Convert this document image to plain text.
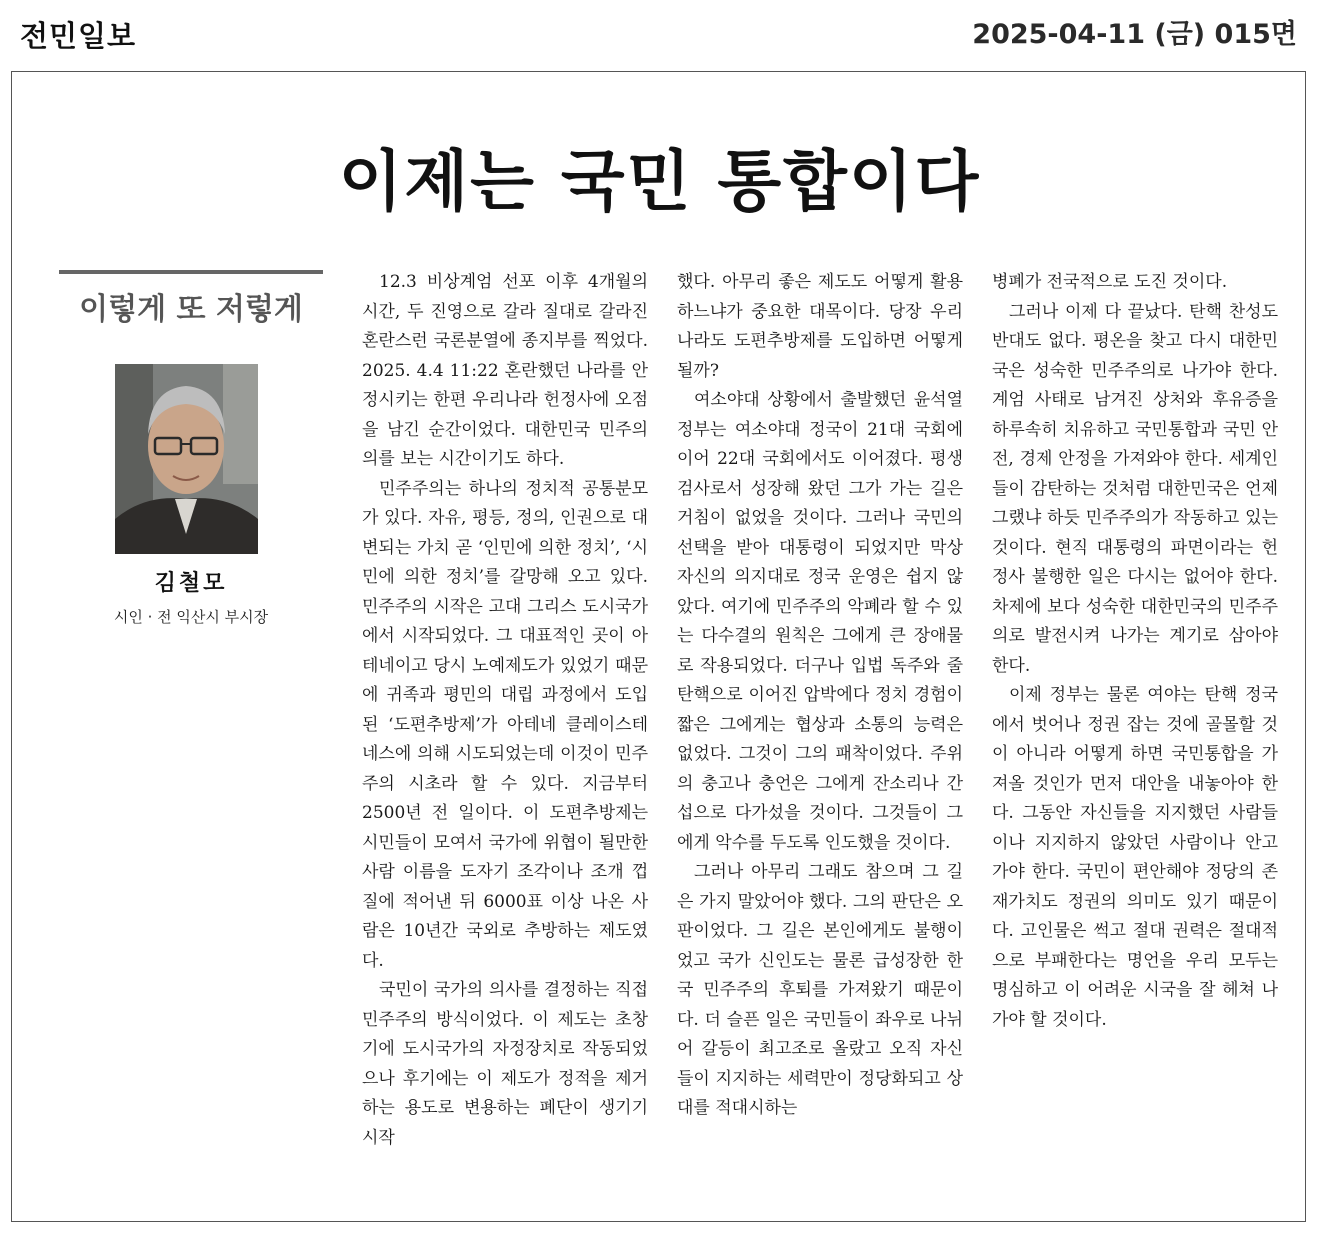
전민일보	2025-04-11 (금) 015면
이제는 국민 통합이다
이렇게 또 저렇게
김철모
시인 · 전 익산시 부시장

12.3 비상계엄 선포 이후 4개월의 시간, 두 진영으로 갈라 질대로 갈라진 혼란스런 국론분열에 종지부를 찍었다. 2025. 4.4 11:22 혼란했던 나라를 안정시키는 한편 우리나라 헌정사에 오점을 남긴 순간이었다. 대한민국 민주의 의를 보는 시간이기도 하다.

민주주의는 하나의 정치적 공통분모가 있다. 자유, 평등, 정의, 인권으로 대변되는 가치 곧 ‘인민에 의한 정치’, ‘시민에 의한 정치’를 갈망해 오고 있다. 민주주의 시작은 고대 그리스 도시국가에서 시작되었다. 그 대표적인 곳이 아테네이고 당시 노예제도가 있었기 때문에 귀족과 평민의 대립 과정에서 도입된 ‘도편추방제’가 아테네 클레이스테네스에 의해 시도되었는데 이것이 민주주의 시초라 할 수 있다. 지금부터 2500년 전 일이다. 이 도편추방제는 시민들이 모여서 국가에 위협이 될만한 사람 이름을 도자기 조각이나 조개 껍질에 적어낸 뒤 6000표 이상 나온 사람은 10년간 국외로 추방하는 제도였다.

국민이 국가의 의사를 결정하는 직접 민주주의 방식이었다. 이 제도는 초창기에 도시국가의 자정장치로 작동되었으나 후기에는 이 제도가 정적을 제거하는 용도로 변용하는 폐단이 생기기 시작

했다. 아무리 좋은 제도도 어떻게 활용하느냐가 중요한 대목이다. 당장 우리나라도 도편추방제를 도입하면 어떻게 될까?

여소야대 상황에서 출발했던 윤석열 정부는 여소야대 정국이 21대 국회에 이어 22대 국회에서도 이어졌다. 평생 검사로서 성장해 왔던 그가 가는 길은 거침이 없었을 것이다. 그러나 국민의 선택을 받아 대통령이 되었지만 막상 자신의 의지대로 정국 운영은 쉽지 않았다. 여기에 민주주의 악폐라 할 수 있는 다수결의 원칙은 그에게 큰 장애물로 작용되었다. 더구나 입법 독주와 줄 탄핵으로 이어진 압박에다 정치 경험이 짧은 그에게는 협상과 소통의 능력은 없었다. 그것이 그의 패착이었다. 주위의 충고나 충언은 그에게 잔소리나 간섭으로 다가섰을 것이다. 그것들이 그에게 악수를 두도록 인도했을 것이다.

그러나 아무리 그래도 참으며 그 길은 가지 말았어야 했다. 그의 판단은 오판이었다. 그 길은 본인에게도 불행이었고 국가 신인도는 물론 급성장한 한국 민주주의 후퇴를 가져왔기 때문이다. 더 슬픈 일은 국민들이 좌우로 나뉘어 갈등이 최고조로 올랐고 오직 자신들이 지지하는 세력만이 정당화되고 상대를 적대시하는

병폐가 전국적으로 도진 것이다.

그러나 이제 다 끝났다. 탄핵 찬성도 반대도 없다. 평온을 찾고 다시 대한민국은 성숙한 민주주의로 나가야 한다. 계엄 사태로 남겨진 상처와 후유증을 하루속히 치유하고 국민통합과 국민 안전, 경제 안정을 가져와야 한다. 세계인들이 감탄하는 것처럼 대한민국은 언제 그랬냐 하듯 민주주의가 작동하고 있는 것이다. 현직 대통령의 파면이라는 헌정사 불행한 일은 다시는 없어야 한다. 차제에 보다 성숙한 대한민국의 민주주의로 발전시켜 나가는 계기로 삼아야 한다.

이제 정부는 물론 여야는 탄핵 정국에서 벗어나 정권 잡는 것에 골몰할 것이 아니라 어떻게 하면 국민통합을 가져올 것인가 먼저 대안을 내놓아야 한다. 그동안 자신들을 지지했던 사람들이나 지지하지 않았던 사람이나 안고 가야 한다. 국민이 편안해야 정당의 존재가치도 정권의 의미도 있기 때문이다. 고인물은 썩고 절대 권력은 절대적으로 부패한다는 명언을 우리 모두는 명심하고 이 어려운 시국을 잘 헤쳐 나가야 할 것이다.
